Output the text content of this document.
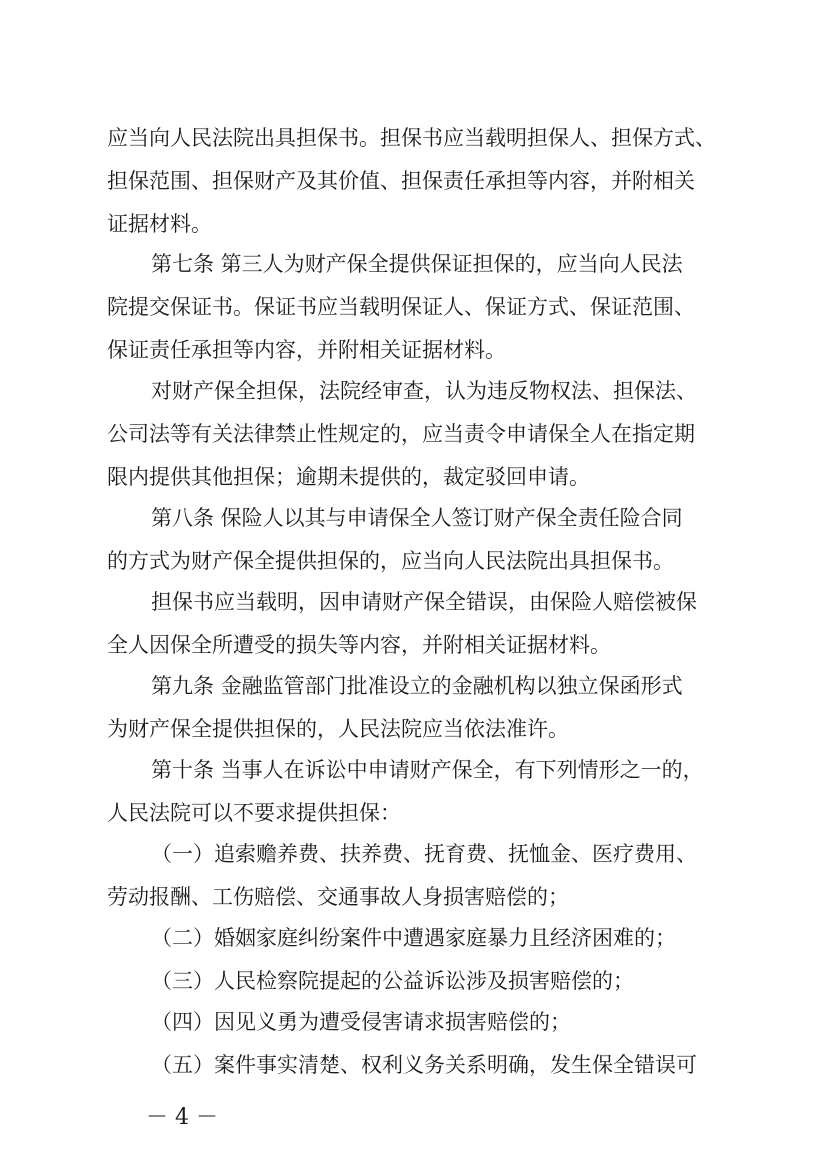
应当向人民法院出具担保书。担保书应当载明担保人、担保方式、
担保范围、担保财产及其价值、担保责任承担等内容，并附相关
证据材料。
第七条 第三人为财产保全提供保证担保的，应当向人民法
院提交保证书。保证书应当载明保证人、保证方式、保证范围、
保证责任承担等内容，并附相关证据材料。
对财产保全担保，法院经审查，认为违反物权法、担保法、
公司法等有关法律禁止性规定的，应当责令申请保全人在指定期
限内提供其他担保；逾期未提供的，裁定驳回申请。
第八条 保险人以其与申请保全人签订财产保全责任险合同
的方式为财产保全提供担保的，应当向人民法院出具担保书。
担保书应当载明，因申请财产保全错误，由保险人赔偿被保
全人因保全所遭受的损失等内容，并附相关证据材料。
第九条 金融监管部门批准设立的金融机构以独立保函形式
为财产保全提供担保的，人民法院应当依法准许。
第十条 当事人在诉讼中申请财产保全，有下列情形之一的，
人民法院可以不要求提供担保：
（一）追索赡养费、扶养费、抚育费、抚恤金、医疗费用、
劳动报酬、工伤赔偿、交通事故人身损害赔偿的；
（二）婚姻家庭纠纷案件中遭遇家庭暴力且经济困难的；
（三）人民检察院提起的公益诉讼涉及损害赔偿的；
（四）因见义勇为遭受侵害请求损害赔偿的；
（五）案件事实清楚、权利义务关系明确，发生保全错误可
－ 4 －
